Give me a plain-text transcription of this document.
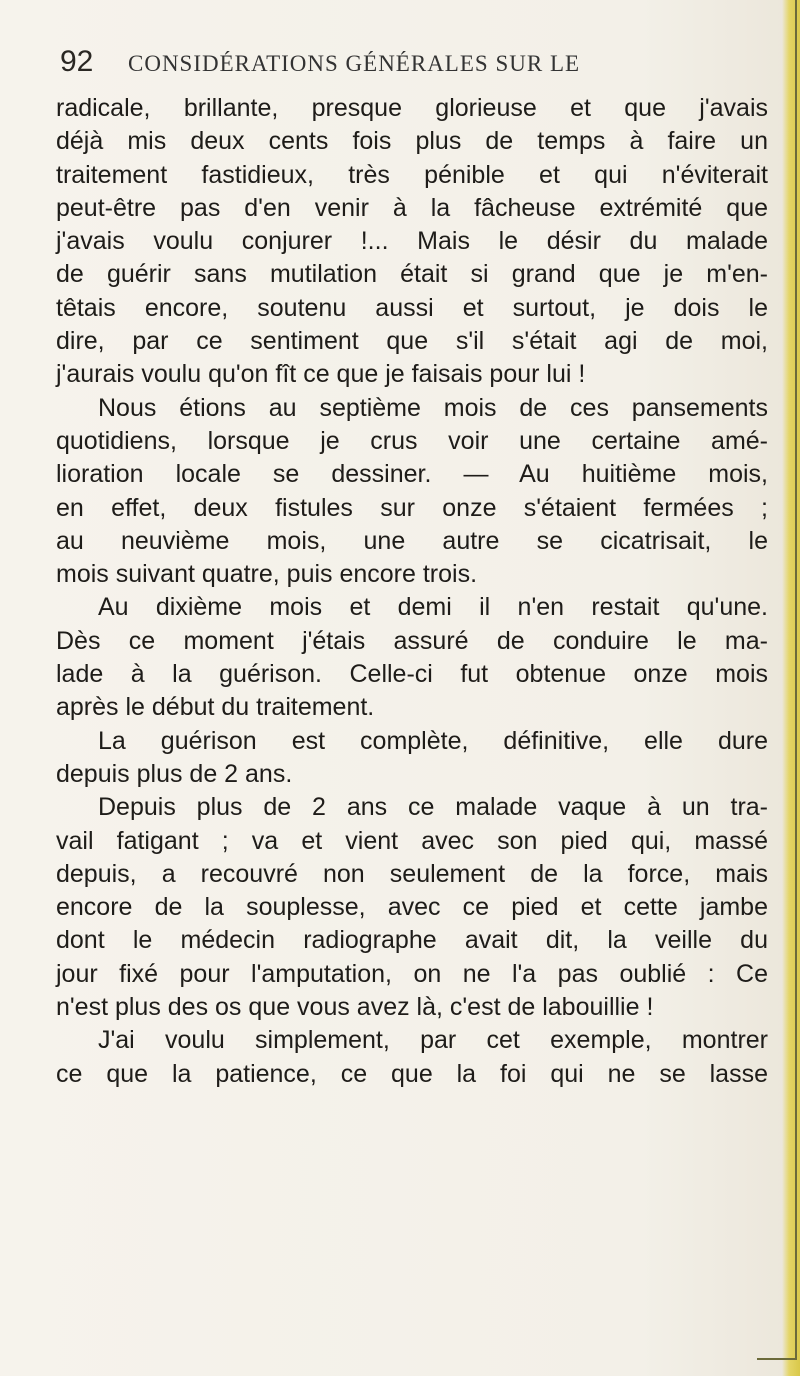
92 CONSIDÉRATIONS GÉNÉRALES SUR LE
radicale, brillante, presque glorieuse et que j'avais
déjà mis deux cents fois plus de temps à faire un
traitement fastidieux, très pénible et qui n'éviterait
peut-être pas d'en venir à la fâcheuse extrémité que
j'avais voulu conjurer !... Mais le désir du malade
de guérir sans mutilation était si grand que je m'en-
têtais encore, soutenu aussi et surtout, je dois le
dire, par ce sentiment que s'il s'était agi de moi,
j'aurais voulu qu'on fît ce que je faisais pour lui !
Nous étions au septième mois de ces pansements
quotidiens, lorsque je crus voir une certaine amé-
lioration locale se dessiner. — Au huitième mois,
en effet, deux fistules sur onze s'étaient fermées ;
au neuvième mois, une autre se cicatrisait, le
mois suivant quatre, puis encore trois.
Au dixième mois et demi il n'en restait qu'une.
Dès ce moment j'étais assuré de conduire le ma-
lade à la guérison. Celle-ci fut obtenue onze mois
après le début du traitement.
La guérison est complète, définitive, elle dure
depuis plus de 2 ans.
Depuis plus de 2 ans ce malade vaque à un tra-
vail fatigant ; va et vient avec son pied qui, massé
depuis, a recouvré non seulement de la force, mais
encore de la souplesse, avec ce pied et cette jambe
dont le médecin radiographe avait dit, la veille du
jour fixé pour l'amputation, on ne l'a pas oublié : Ce
n'est plus des os que vous avez là, c'est de labouillie !
J'ai voulu simplement, par cet exemple, montrer
ce que la patience, ce que la foi qui ne se lasse
